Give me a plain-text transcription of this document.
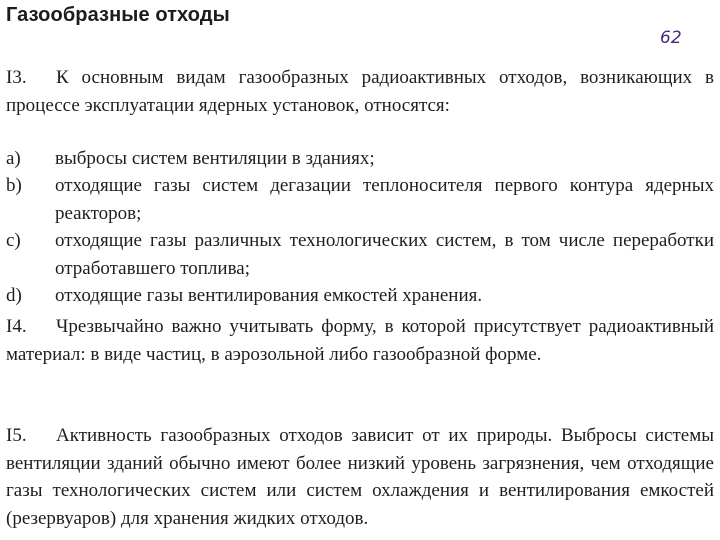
Газообразные отходы
62
I3. К основным видам газообразных радиоактивных отходов, возникающих в процессе эксплуатации ядерных установок, относятся:
a)	выбросы систем вентиляции в зданиях;
b)	отходящие газы систем дегазации теплоносителя первого контура ядерных реакторов;
c)	отходящие газы различных технологических систем, в том числе переработки отработавшего топлива;
d)	отходящие газы вентилирования емкостей хранения.
I4. Чрезвычайно важно учитывать форму, в которой присутствует радиоактивный материал: в виде частиц, в аэрозольной либо газообразной форме.
I5. Активность газообразных отходов зависит от их природы. Выбросы системы вентиляции зданий обычно имеют более низкий уровень загрязнения, чем отходящие газы технологических систем или систем охлаждения и вентилирования емкостей (резервуаров) для хранения жидких отходов.
